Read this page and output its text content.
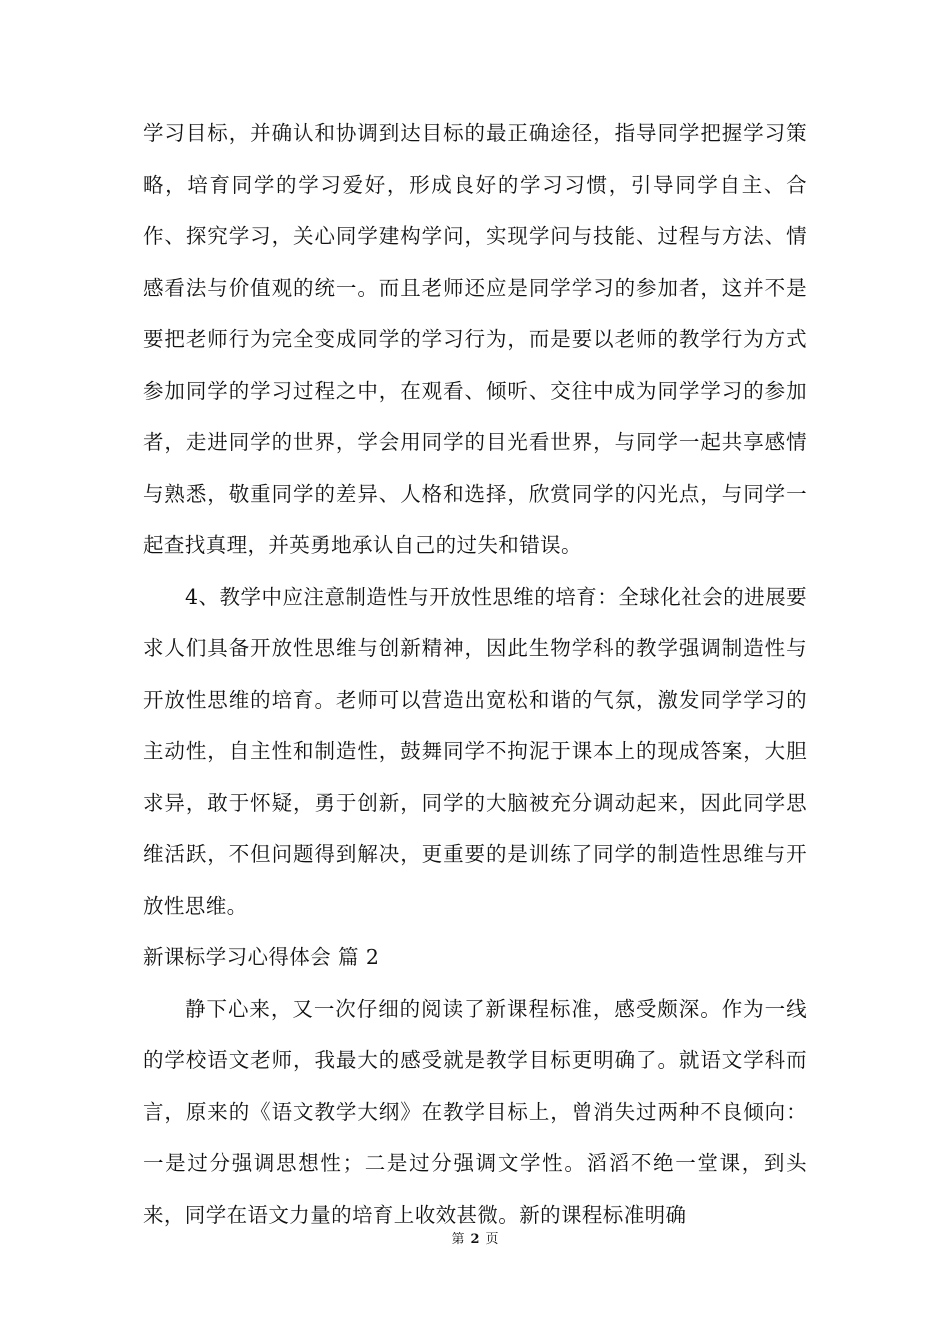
学习目标，并确认和协调到达目标的最正确途径，指导同学把握学习策略，培育同学的学习爱好，形成良好的学习习惯，引导同学自主、合作、探究学习，关心同学建构学问，实现学问与技能、过程与方法、情感看法与价值观的统一。而且老师还应是同学学习的参加者，这并不是要把老师行为完全变成同学的学习行为，而是要以老师的教学行为方式参加同学的学习过程之中，在观看、倾听、交往中成为同学学习的参加者，走进同学的世界，学会用同学的目光看世界，与同学一起共享感情与熟悉，敬重同学的差异、人格和选择，欣赏同学的闪光点，与同学一起查找真理，并英勇地承认自己的过失和错误。

4、教学中应注意制造性与开放性思维的培育：全球化社会的进展要求人们具备开放性思维与创新精神，因此生物学科的教学强调制造性与开放性思维的培育。老师可以营造出宽松和谐的气氛，激发同学学习的主动性，自主性和制造性，鼓舞同学不拘泥于课本上的现成答案，大胆求异，敢于怀疑，勇于创新，同学的大脑被充分调动起来，因此同学思维活跃，不但问题得到解决，更重要的是训练了同学的制造性思维与开放性思维。

新课标学习心得体会 篇 2

静下心来，又一次仔细的阅读了新课程标准，感受颇深。作为一线的学校语文老师，我最大的感受就是教学目标更明确了。就语文学科而言，原来的《语文教学大纲》在教学目标上，曾消失过两种不良倾向：一是过分强调思想性；二是过分强调文学性。滔滔不绝一堂课，到头来，同学在语文力量的培育上收效甚微。新的课程标准明确

第 2 页
